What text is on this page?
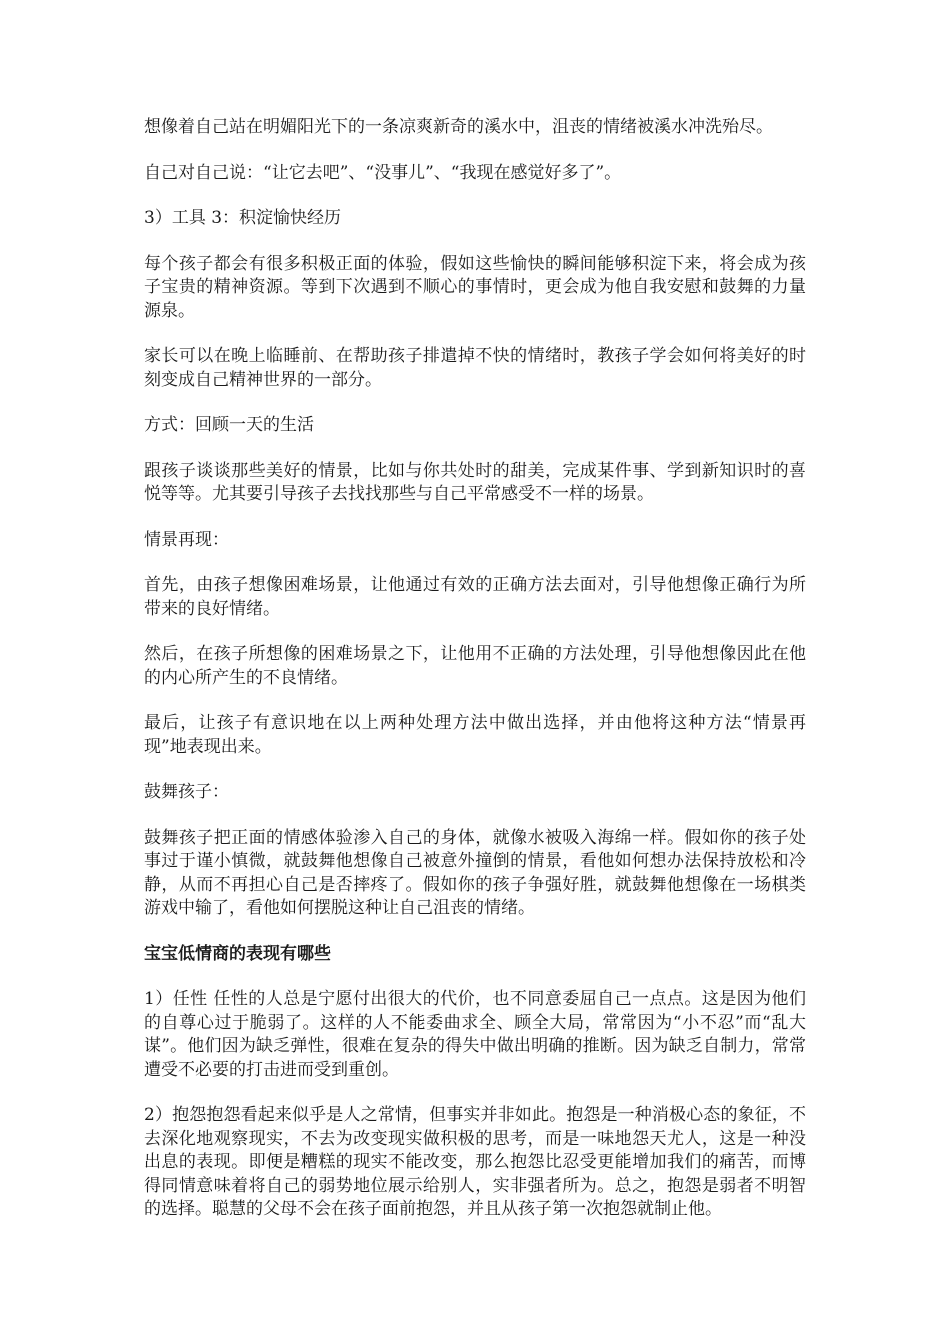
想像着自己站在明媚阳光下的一条凉爽新奇的溪水中，沮丧的情绪被溪水冲洗殆尽。

自己对自己说：“让它去吧”、“没事儿”、“我现在感觉好多了”。

3）工具 3：积淀愉快经历

每个孩子都会有很多积极正面的体验，假如这些愉快的瞬间能够积淀下来，将会成为孩子宝贵的精神资源。等到下次遇到不顺心的事情时，更会成为他自我安慰和鼓舞的力量源泉。

家长可以在晚上临睡前、在帮助孩子排遣掉不快的情绪时，教孩子学会如何将美好的时刻变成自己精神世界的一部分。

方式：回顾一天的生活

跟孩子谈谈那些美好的情景，比如与你共处时的甜美，完成某件事、学到新知识时的喜悦等等。尤其要引导孩子去找找那些与自己平常感受不一样的场景。

情景再现：

首先，由孩子想像困难场景，让他通过有效的正确方法去面对，引导他想像正确行为所带来的良好情绪。

然后，在孩子所想像的困难场景之下，让他用不正确的方法处理，引导他想像因此在他的内心所产生的不良情绪。

最后，让孩子有意识地在以上两种处理方法中做出选择，并由他将这种方法“情景再现”地表现出来。

鼓舞孩子：

鼓舞孩子把正面的情感体验渗入自己的身体，就像水被吸入海绵一样。假如你的孩子处事过于谨小慎微，就鼓舞他想像自己被意外撞倒的情景，看他如何想办法保持放松和冷静，从而不再担心自己是否摔疼了。假如你的孩子争强好胜，就鼓舞他想像在一场棋类游戏中输了，看他如何摆脱这种让自己沮丧的情绪。

宝宝低情商的表现有哪些

1）任性 任性的人总是宁愿付出很大的代价，也不同意委屈自己一点点。这是因为他们的自尊心过于脆弱了。这样的人不能委曲求全、顾全大局，常常因为“小不忍”而“乱大谋”。他们因为缺乏弹性，很难在复杂的得失中做出明确的推断。因为缺乏自制力，常常遭受不必要的打击进而受到重创。

2）抱怨抱怨看起来似乎是人之常情，但事实并非如此。抱怨是一种消极心态的象征，不去深化地观察现实，不去为改变现实做积极的思考，而是一味地怨天尤人，这是一种没出息的表现。即便是糟糕的现实不能改变，那么抱怨比忍受更能增加我们的痛苦，而博得同情意味着将自己的弱势地位展示给别人，实非强者所为。总之，抱怨是弱者不明智的选择。聪慧的父母不会在孩子面前抱怨，并且从孩子第一次抱怨就制止他。
